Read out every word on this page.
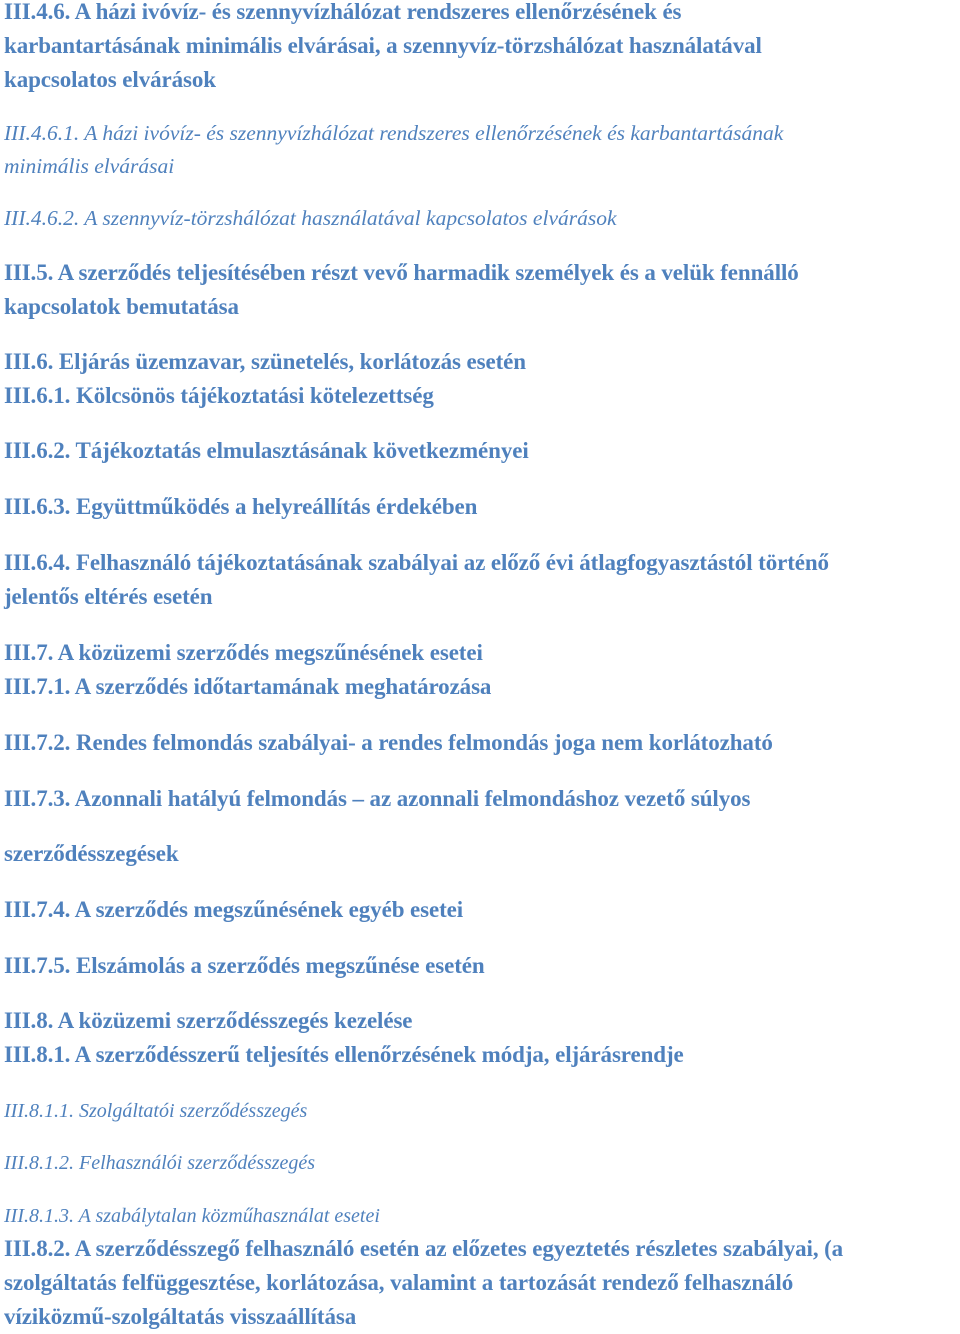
III.4.6. A házi ivóvíz- és szennyvízhálózat rendszeres ellenőrzésének és
karbantartásának minimális elvárásai, a szennyvíz-törzshálózat használatával
kapcsolatos elvárások
III.4.6.1. A házi ivóvíz- és szennyvízhálózat rendszeres ellenőrzésének és karbantartásának
minimális elvárásai
III.4.6.2. A szennyvíz-törzshálózat használatával kapcsolatos elvárások
III.5. A szerződés teljesítésében részt vevő harmadik személyek és a velük fennálló
kapcsolatok bemutatása
III.6. Eljárás üzemzavar, szünetelés, korlátozás esetén
III.6.1. Kölcsönös tájékoztatási kötelezettség
III.6.2. Tájékoztatás elmulasztásának következményei
III.6.3. Együttműködés a helyreállítás érdekében
III.6.4. Felhasználó tájékoztatásának szabályai az előző évi átlagfogyasztástól történő
jelentős eltérés esetén
III.7. A közüzemi szerződés megszűnésének esetei
III.7.1. A szerződés időtartamának meghatározása
III.7.2. Rendes felmondás szabályai- a rendes felmondás joga nem korlátozható
III.7.3. Azonnali hatályú felmondás – az azonnali felmondáshoz vezető súlyos
szerződésszegések
III.7.4. A szerződés megszűnésének egyéb esetei
III.7.5. Elszámolás a szerződés megszűnése esetén
III.8. A közüzemi szerződésszegés kezelése
III.8.1. A szerződésszerű teljesítés ellenőrzésének módja, eljárásrendje
III.8.1.1. Szolgáltatói szerződésszegés
III.8.1.2. Felhasználói szerződésszegés
III.8.1.3. A szabálytalan közműhasználat esetei
III.8.2. A szerződésszegő felhasználó esetén az előzetes egyeztetés részletes szabályai, (a
szolgáltatás felfüggesztése, korlátozása, valamint a tartozását rendező felhasználó
víziközmű-szolgáltatás visszaállítása
